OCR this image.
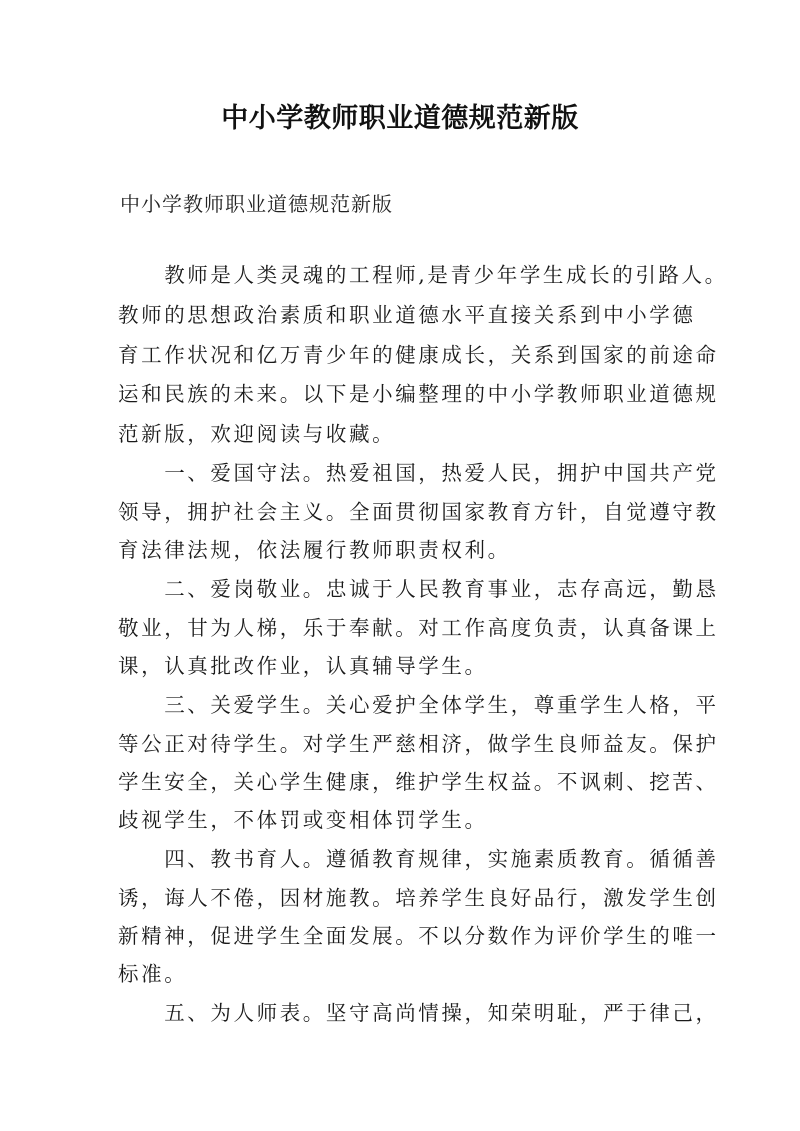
中小学教师职业道德规范新版
中小学教师职业道德规范新版
　　教师是人类灵魂的工程师,是青少年学生成长的引路人。
教师的思想政治素质和职业道德水平直接关系到中小学德
育工作状况和亿万青少年的健康成长，关系到国家的前途命
运和民族的未来。以下是小编整理的中小学教师职业道德规
范新版，欢迎阅读与收藏。
　　一、爱国守法。热爱祖国，热爱人民，拥护中国共产党
领导，拥护社会主义。全面贯彻国家教育方针，自觉遵守教
育法律法规，依法履行教师职责权利。
　　二、爱岗敬业。忠诚于人民教育事业，志存高远，勤恳
敬业，甘为人梯，乐于奉献。对工作高度负责，认真备课上
课，认真批改作业，认真辅导学生。
　　三、关爱学生。关心爱护全体学生，尊重学生人格，平
等公正对待学生。对学生严慈相济，做学生良师益友。保护
学生安全，关心学生健康，维护学生权益。不讽刺、挖苦、
歧视学生，不体罚或变相体罚学生。
　　四、教书育人。遵循教育规律，实施素质教育。循循善
诱，诲人不倦，因材施教。培养学生良好品行，激发学生创
新精神，促进学生全面发展。不以分数作为评价学生的唯一
标准。
　　五、为人师表。坚守高尚情操，知荣明耻，严于律己，
